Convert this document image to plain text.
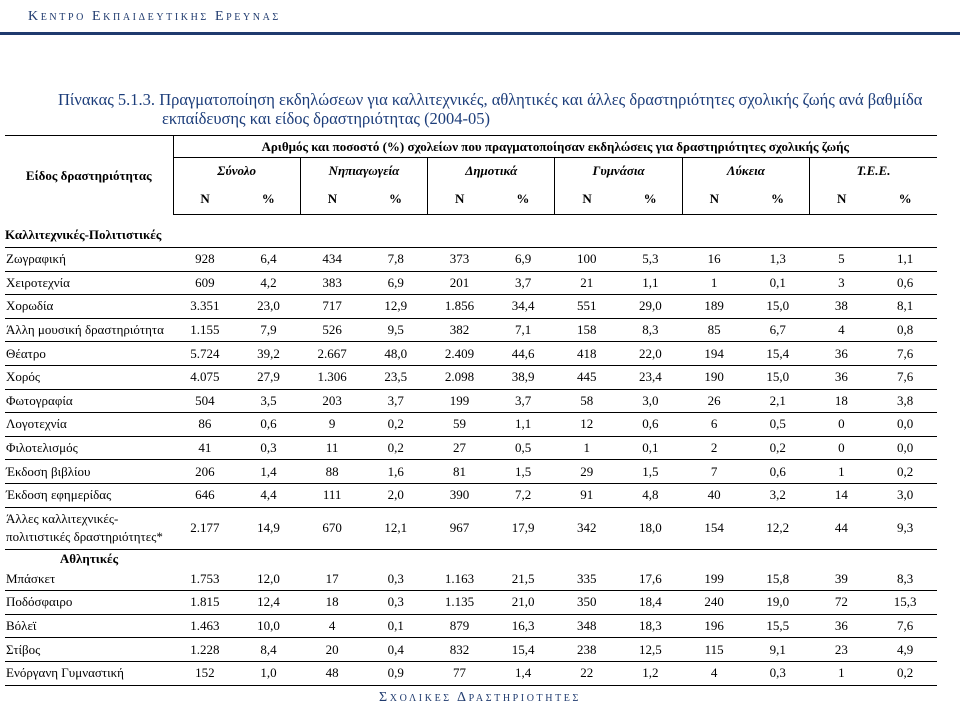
Κεντρο Εκπαιδευτικησ Ερευνασ
Πίνακας 5.1.3. Πραγματοποίηση εκδηλώσεων για καλλιτεχνικές, αθλητικές και άλλες δραστηριότητες σχολικής ζωής ανά βαθμίδα
εκπαίδευσης και είδος δραστηριότητας (2004-05)
Είδος δραστηριότητας	Αριθμός και ποσοστό (%) σχολείων που πραγματοποίησαν εκδηλώσεις για δραστηριότητες σχολικής ζωής											
	Σύνολο		Νηπιαγωγεία		Δημοτικά		Γυμνάσια		Λύκεια		Τ.Ε.Ε.	
	Ν	%	Ν	%	Ν	%	Ν	%	Ν	%	Ν	%
Καλλιτεχνικές-Πολιτιστικές												
Ζωγραφική	928	6,4	434	7,8	373	6,9	100	5,3	16	1,3	5	1,1
Χειροτεχνία	609	4,2	383	6,9	201	3,7	21	1,1	1	0,1	3	0,6
Χορωδία	3.351	23,0	717	12,9	1.856	34,4	551	29,0	189	15,0	38	8,1
Άλλη μουσική δραστηριότητα	1.155	7,9	526	9,5	382	7,1	158	8,3	85	6,7	4	0,8
Θέατρο	5.724	39,2	2.667	48,0	2.409	44,6	418	22,0	194	15,4	36	7,6
Χορός	4.075	27,9	1.306	23,5	2.098	38,9	445	23,4	190	15,0	36	7,6
Φωτογραφία	504	3,5	203	3,7	199	3,7	58	3,0	26	2,1	18	3,8
Λογοτεχνία	86	0,6	9	0,2	59	1,1	12	0,6	6	0,5	0	0,0
Φιλοτελισμός	41	0,3	11	0,2	27	0,5	1	0,1	2	0,2	0	0,0
Έκδοση βιβλίου	206	1,4	88	1,6	81	1,5	29	1,5	7	0,6	1	0,2
Έκδοση εφημερίδας	646	4,4	111	2,0	390	7,2	91	4,8	40	3,2	14	3,0
Άλλες καλλιτεχνικές-
πολιτιστικές δραστηριότητες*	2.177	14,9	670	12,1	967	17,9	342	18,0	154	12,2	44	9,3
Αθλητικές												
Μπάσκετ	1.753	12,0	17	0,3	1.163	21,5	335	17,6	199	15,8	39	8,3
Ποδόσφαιρο	1.815	12,4	18	0,3	1.135	21,0	350	18,4	240	19,0	72	15,3
Βόλεϊ	1.463	10,0	4	0,1	879	16,3	348	18,3	196	15,5	36	7,6
Στίβος	1.228	8,4	20	0,4	832	15,4	238	12,5	115	9,1	23	4,9
Ενόργανη Γυμναστική	152	1,0	48	0,9	77	1,4	22	1,2	4	0,3	1	0,2
Σχολικεσ Δραστηριοτητεσ
